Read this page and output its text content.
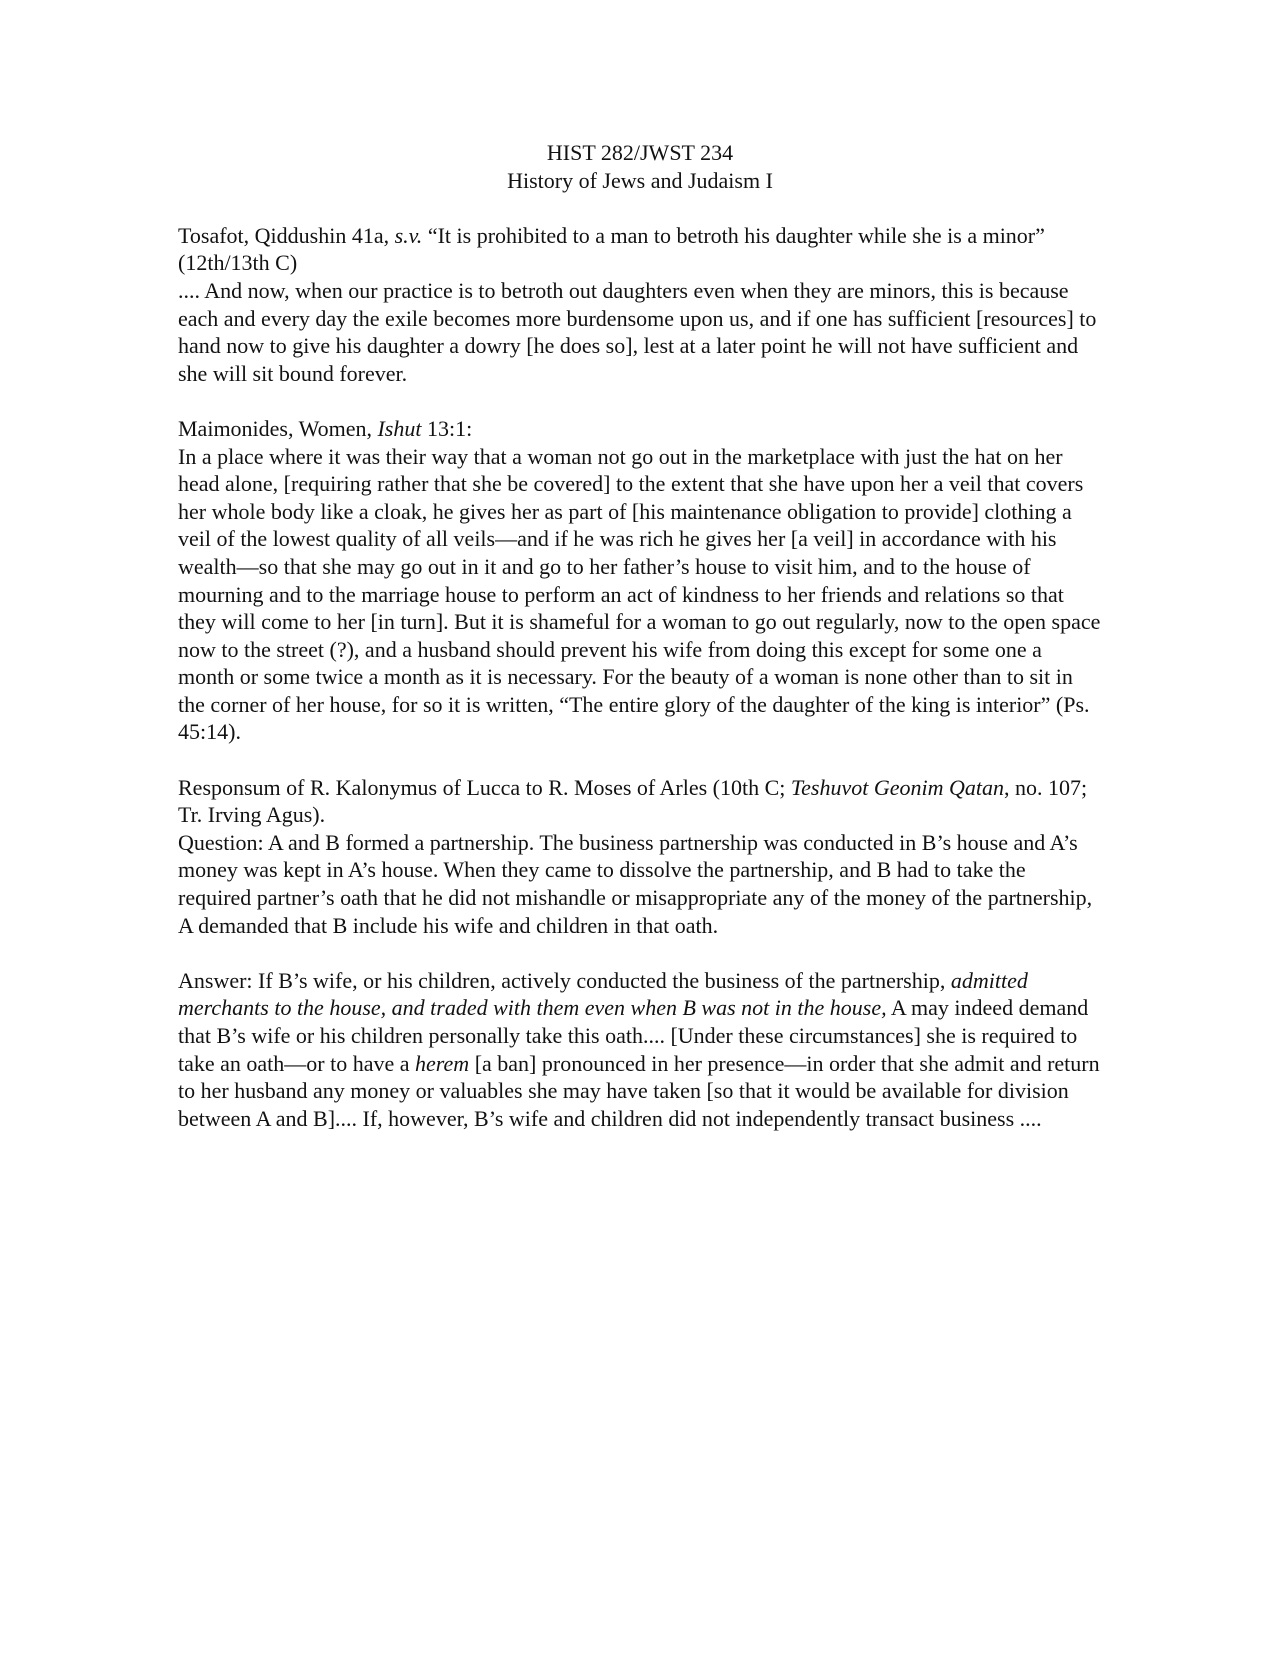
HIST 282/JWST 234

History of Jews and Judaism I

Tosafot, Qiddushin 41a, s.v. “It is prohibited to a man to betroth his daughter while she is a minor” (12th/13th C)

.... And now, when our practice is to betroth out daughters even when they are minors, this is because each and every day the exile becomes more burdensome upon us, and if one has sufficient [resources] to hand now to give his daughter a dowry [he does so], lest at a later point he will not have sufficient and she will sit bound forever.

Maimonides, Women, Ishut 13:1:

In a place where it was their way that a woman not go out in the marketplace with just the hat on her head alone, [requiring rather that she be covered] to the extent that she have upon her a veil that covers her whole body like a cloak, he gives her as part of [his maintenance obligation to provide] clothing a veil of the lowest quality of all veils—and if he was rich he gives her [a veil] in accordance with his wealth—so that she may go out in it and go to her father’s house to visit him, and to the house of mourning and to the marriage house to perform an act of kindness to her friends and relations so that they will come to her [in turn]. But it is shameful for a woman to go out regularly, now to the open space now to the street (?), and a husband should prevent his wife from doing this except for some one a month or some twice a month as it is necessary. For the beauty of a woman is none other than to sit in the corner of her house, for so it is written, “The entire glory of the daughter of the king is interior” (Ps. 45:14).

Responsum of R. Kalonymus of Lucca to R. Moses of Arles (10th C; Teshuvot Geonim Qatan, no. 107; Tr. Irving Agus).

Question: A and B formed a partnership. The business partnership was conducted in B’s house and A’s money was kept in A’s house. When they came to dissolve the partnership, and B had to take the required partner’s oath that he did not mishandle or misappropriate any of the money of the partnership, A demanded that B include his wife and children in that oath.

Answer: If B’s wife, or his children, actively conducted the business of the partnership, admitted merchants to the house, and traded with them even when B was not in the house, A may indeed demand that B’s wife or his children personally take this oath.... [Under these circumstances] she is required to take an oath—or to have a herem [a ban] pronounced in her presence—in order that she admit and return to her husband any money or valuables she may have taken [so that it would be available for division between A and B].... If, however, B’s wife and children did not independently transact business ....
